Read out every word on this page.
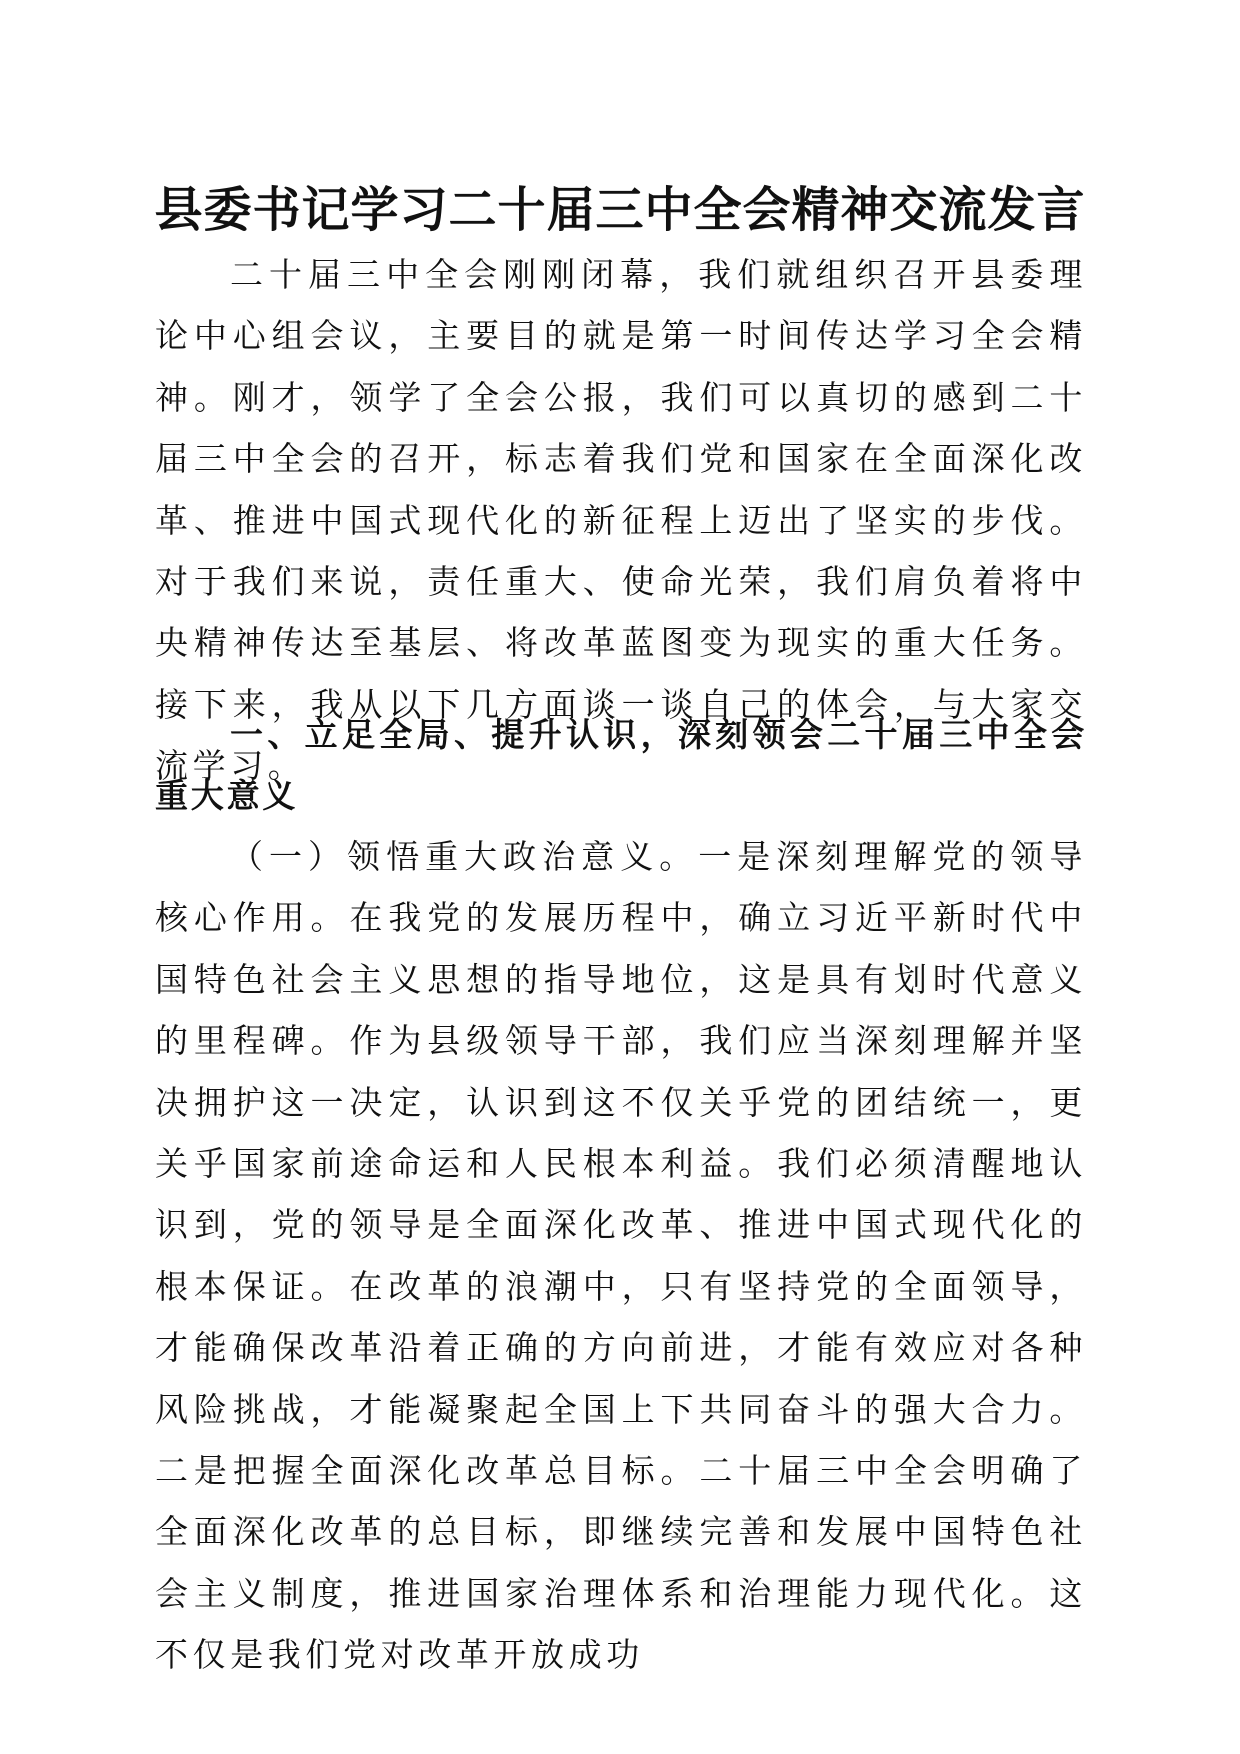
县委书记学习二十届三中全会精神交流发言

二十届三中全会刚刚闭幕，我们就组织召开县委理论中心组会议，主要目的就是第一时间传达学习全会精神。刚才，领学了全会公报，我们可以真切的感到二十届三中全会的召开，标志着我们党和国家在全面深化改革、推进中国式现代化的新征程上迈出了坚实的步伐。对于我们来说，责任重大、使命光荣，我们肩负着将中央精神传达至基层、将改革蓝图变为现实的重大任务。接下来，我从以下几方面谈一谈自己的体会，与大家交流学习。

一、立足全局、提升认识，深刻领会二十届三中全会重大意义

（一）领悟重大政治意义。一是深刻理解党的领导核心作用。在我党的发展历程中，确立习近平新时代中国特色社会主义思想的指导地位，这是具有划时代意义的里程碑。作为县级领导干部，我们应当深刻理解并坚决拥护这一决定，认识到这不仅关乎党的团结统一，更关乎国家前途命运和人民根本利益。我们必须清醒地认识到，党的领导是全面深化改革、推进中国式现代化的根本保证。在改革的浪潮中，只有坚持党的全面领导，才能确保改革沿着正确的方向前进，才能有效应对各种风险挑战，才能凝聚起全国上下共同奋斗的强大合力。二是把握全面深化改革总目标。二十届三中全会明确了全面深化改革的总目标，即继续完善和发展中国特色社会主义制度，推进国家治理体系和治理能力现代化。这不仅是我们党对改革开放成功
